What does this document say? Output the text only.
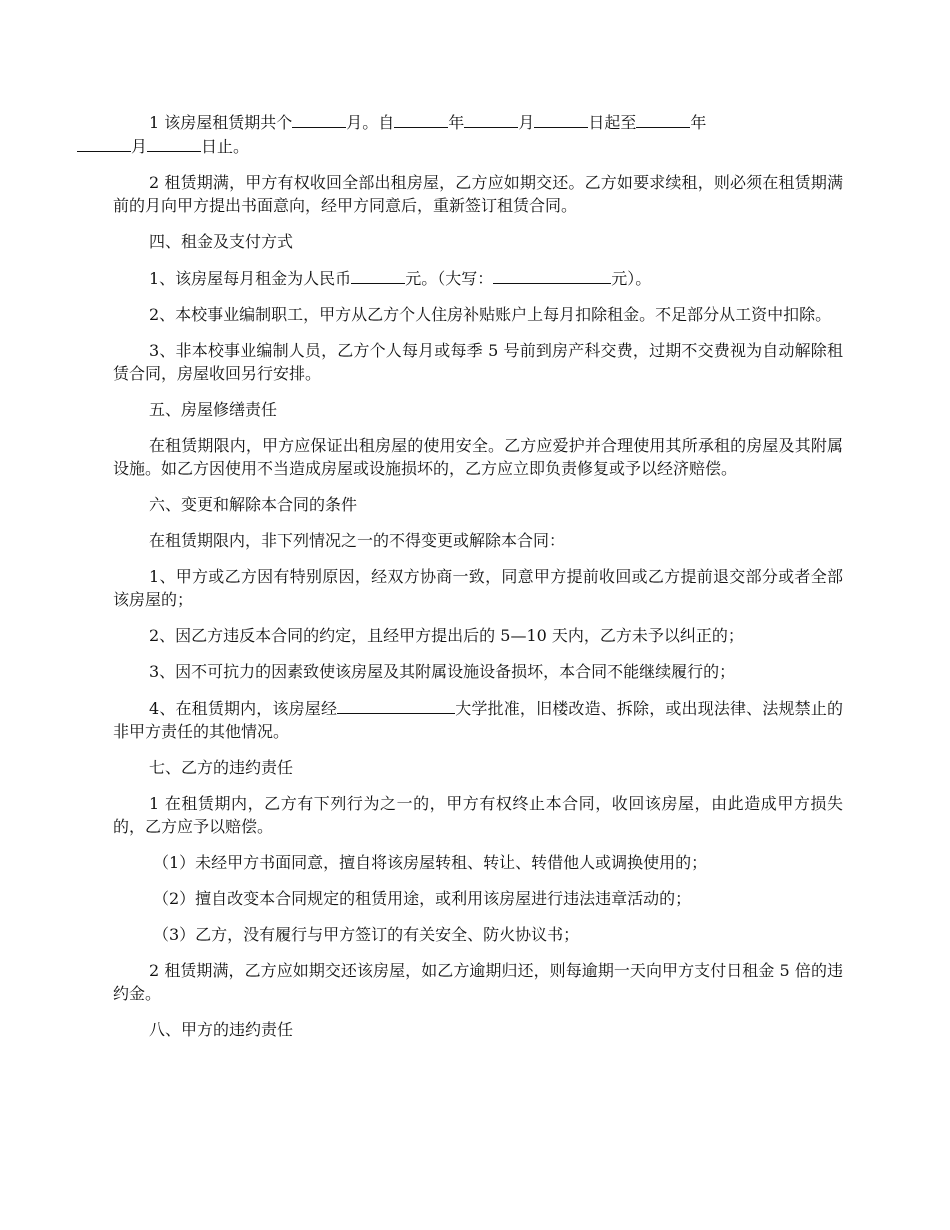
1 该房屋租赁期共个	月。自	年	月	日起至	年
月	日止。

2 租赁期满，甲方有权收回全部出租房屋，乙方应如期交还。乙方如要求续租，则必须在租赁期满前的月向甲方提出书面意向，经甲方同意后，重新签订租赁合同。

四、租金及支付方式

1、该房屋每月租金为人民币	元。（大写：	元）。

2、本校事业编制职工，甲方从乙方个人住房补贴账户上每月扣除租金。不足部分从工资中扣除。

3、非本校事业编制人员，乙方个人每月或每季 5 号前到房产科交费，过期不交费视为自动解除租赁合同，房屋收回另行安排。

五、房屋修缮责任

在租赁期限内，甲方应保证出租房屋的使用安全。乙方应爱护并合理使用其所承租的房屋及其附属设施。如乙方因使用不当造成房屋或设施损坏的，乙方应立即负责修复或予以经济赔偿。

六、变更和解除本合同的条件

在租赁期限内，非下列情况之一的不得变更或解除本合同：

1、甲方或乙方因有特别原因，经双方协商一致，同意甲方提前收回或乙方提前退交部分或者全部该房屋的；

2、因乙方违反本合同的约定，且经甲方提出后的 5—10 天内，乙方未予以纠正的；

3、因不可抗力的因素致使该房屋及其附属设施设备损坏，本合同不能继续履行的；

4、在租赁期内，该房屋经	大学批准，旧楼改造、拆除，或出现法律、法规禁止的非甲方责任的其他情况。

七、乙方的违约责任

1 在租赁期内，乙方有下列行为之一的，甲方有权终止本合同，收回该房屋，由此造成甲方损失的，乙方应予以赔偿。

（1）未经甲方书面同意，擅自将该房屋转租、转让、转借他人或调换使用的；

（2）擅自改变本合同规定的租赁用途，或利用该房屋进行违法违章活动的；

（3）乙方，没有履行与甲方签订的有关安全、防火协议书；

2 租赁期满，乙方应如期交还该房屋，如乙方逾期归还，则每逾期一天向甲方支付日租金 5 倍的违约金。

八、甲方的违约责任
